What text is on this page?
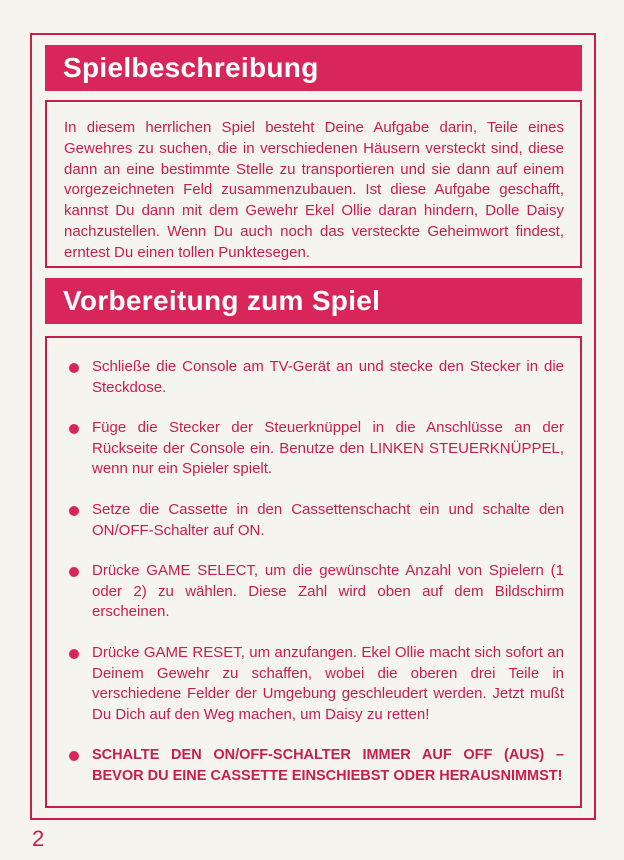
Spielbeschreibung

In diesem herrlichen Spiel besteht Deine Aufgabe darin, Teile eines Gewehres zu suchen, die in verschiedenen Häusern versteckt sind, diese dann an eine bestimmte Stelle zu transportieren und sie dann auf einem vorgezeichneten Feld zusammenzubauen. Ist diese Aufgabe geschafft, kannst Du dann mit dem Gewehr Ekel Ollie daran hindern, Dolle Daisy nachzustellen. Wenn Du auch noch das versteckte Geheimwort findest, erntest Du einen tollen Punktesegen.

Vorbereitung zum Spiel

Schließe die Console am TV-Gerät an und stecke den Stecker in die Steckdose.

Füge die Stecker der Steuerknüppel in die Anschlüsse an der Rückseite der Console ein. Benutze den LINKEN STEUERKNÜPPEL, wenn nur ein Spieler spielt.

Setze die Cassette in den Cassettenschacht ein und schalte den ON/OFF-Schalter auf ON.

Drücke GAME SELECT, um die gewünschte Anzahl von Spielern (1 oder 2) zu wählen. Diese Zahl wird oben auf dem Bildschirm erscheinen.

Drücke GAME RESET, um anzufangen. Ekel Ollie macht sich sofort an Deinem Gewehr zu schaffen, wobei die oberen drei Teile in verschiedene Felder der Umgebung geschleudert werden. Jetzt mußt Du Dich auf den Weg machen, um Daisy zu retten!

SCHALTE DEN ON/OFF-SCHALTER IMMER AUF OFF (AUS) – BEVOR DU EINE CASSETTE EINSCHIEBST ODER HERAUSNIMMST!

2
